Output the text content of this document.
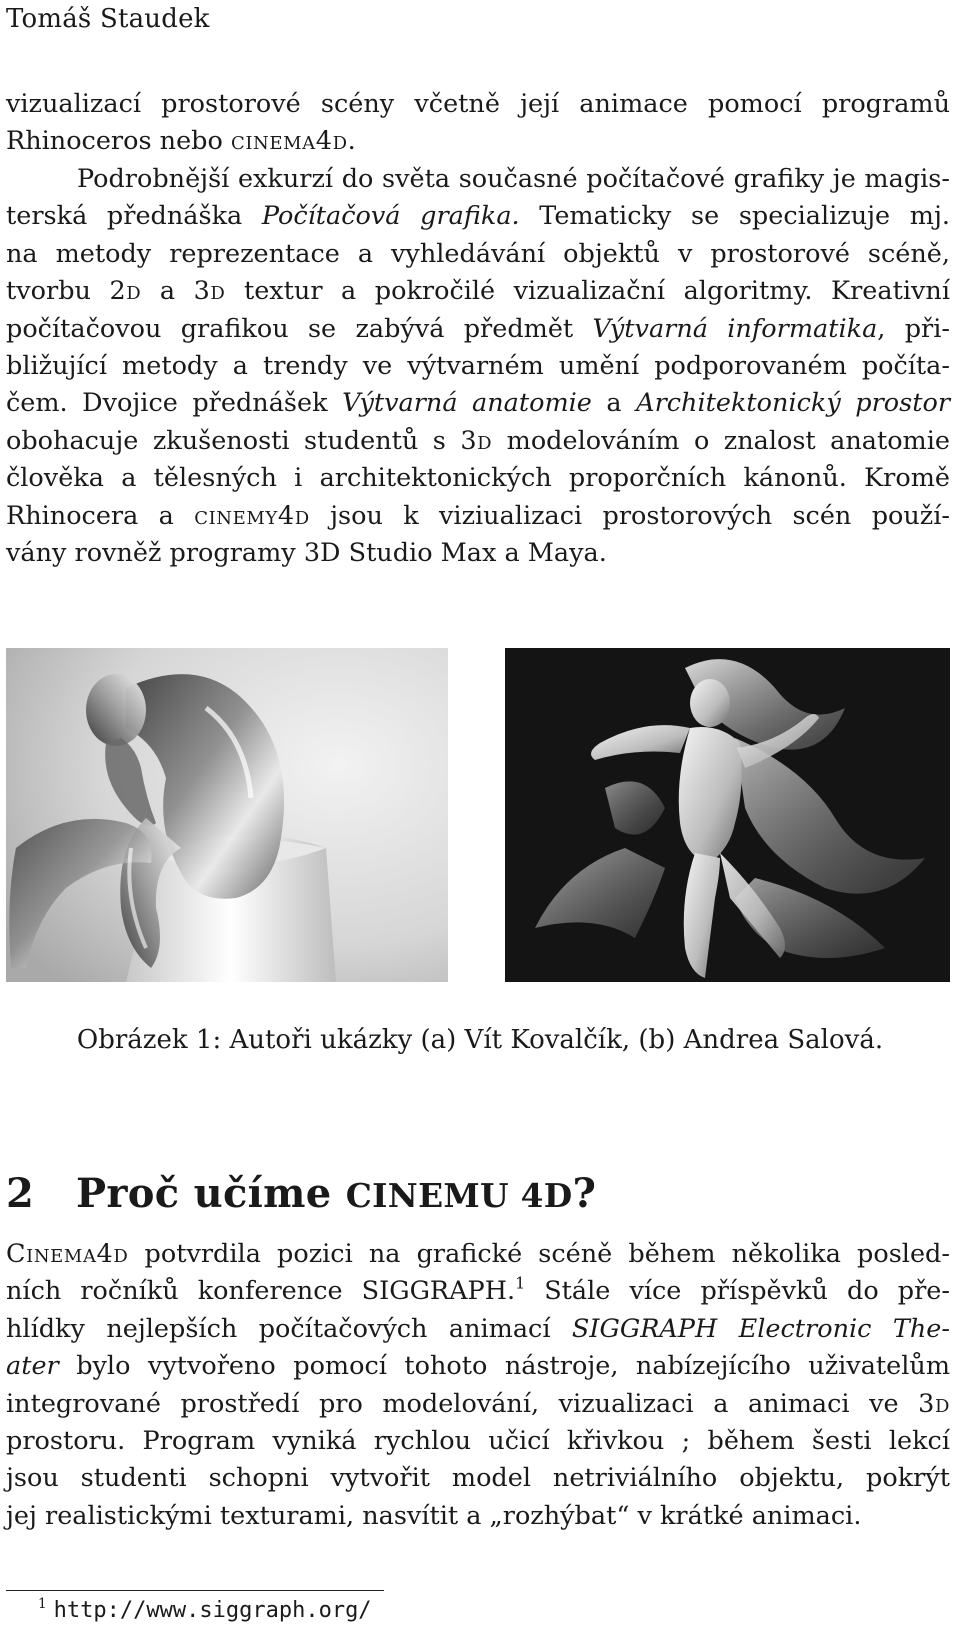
Tomáš Staudek
vizualizací prostorové scény včetně její animace pomocí programů
Rhinoceros nebo cinema4d.
Podrobnější exkurzí do světa současné počítačové grafiky je magis-
terská přednáška Počítačová grafika. Tematicky se specializuje mj.
na metody reprezentace a vyhledávání objektů v prostorové scéně,
tvorbu 2d a 3d textur a pokročilé vizualizační algoritmy. Kreativní
počítačovou grafikou se zabývá předmět Výtvarná informatika, při-
bližující metody a trendy ve výtvarném umění podporovaném počíta-
čem. Dvojice přednášek Výtvarná anatomie a Architektonický prostor
obohacuje zkušenosti studentů s 3d modelováním o znalost anatomie
člověka a tělesných i architektonických proporčních kánonů. Kromě
Rhinocera a cinemy4d jsou k viziualizaci prostorových scén použí-
vány rovněž programy 3D Studio Max a Maya.
Obrázek 1: Autoři ukázky (a) Vít Kovalčík, (b) Andrea Salová.
2 Proč učíme CINEMU 4D?
Cinema4d potvrdila pozici na grafické scéně během několika posled-
ních ročníků konference SIGGRAPH.$^1$ Stále více příspěvků do pře-
hlídky nejlepších počítačových animací SIGGRAPH Electronic The-
ater bylo vytvořeno pomocí tohoto nástroje, nabízejícího uživatelům
integrované prostředí pro modelování, vizualizaci a animaci ve 3d
prostoru. Program vyniká rychlou učicí křivkou ; během šesti lekcí
jsou studenti schopni vytvořit model netriviálního objektu, pokrýt
jej realistickými texturami, nasvítit a „rozhýbat“ v krátké animaci.
$^1$ http://www.siggraph.org/
